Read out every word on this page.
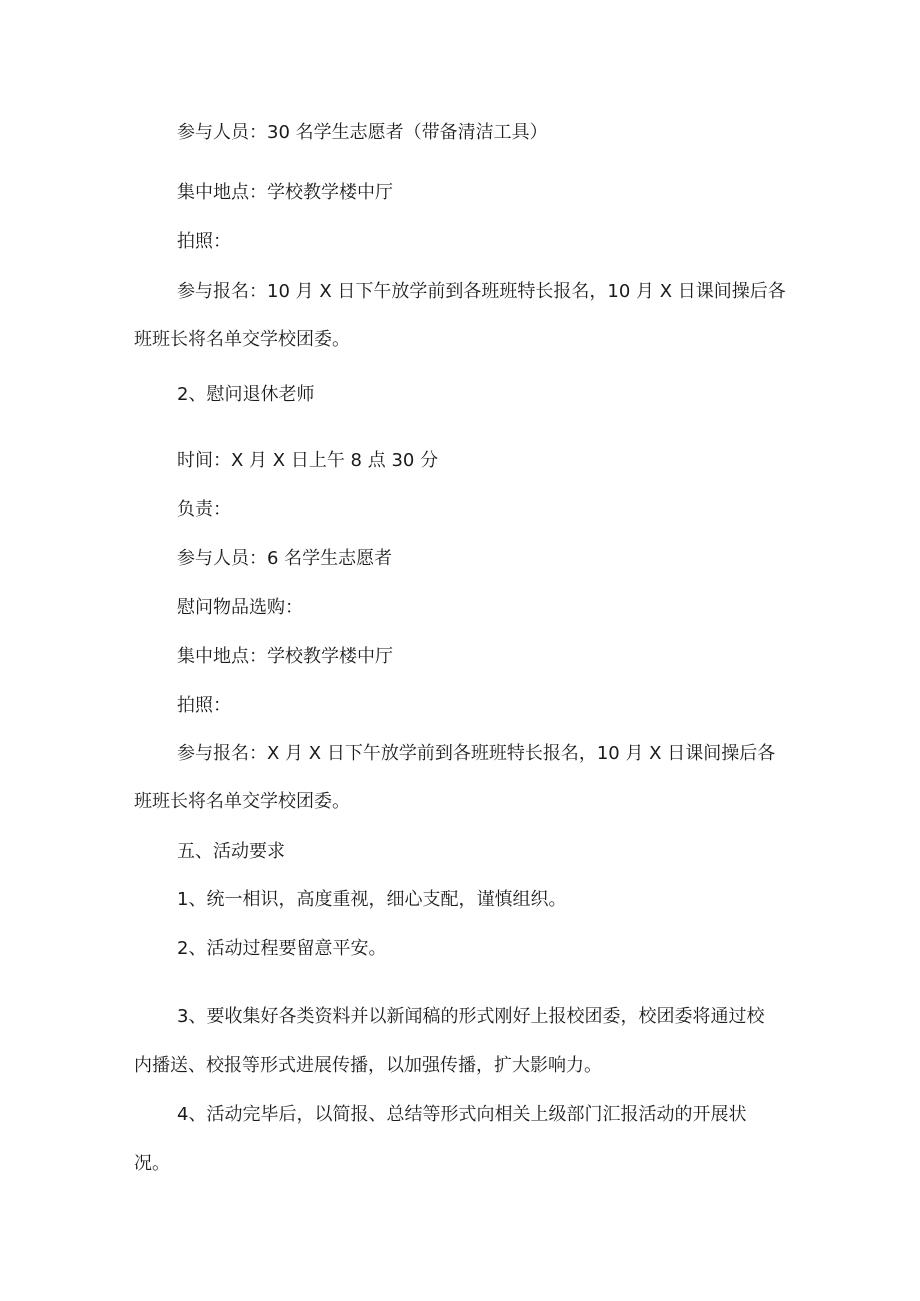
参与人员：30 名学生志愿者（带备清洁工具）

集中地点：学校教学楼中厅

拍照：

参与报名：10 月 X 日下午放学前到各班班特长报名，10 月 X 日课间操后各

班班长将名单交学校团委。

2、慰问退休老师

时间：X 月 X 日上午 8 点 30 分

负责：

参与人员：6 名学生志愿者

慰问物品选购：

集中地点：学校教学楼中厅

拍照：

参与报名：X 月 X 日下午放学前到各班班特长报名，10 月 X 日课间操后各

班班长将名单交学校团委。

五、活动要求

1、统一相识，高度重视，细心支配，谨慎组织。

2、活动过程要留意平安。

3、要收集好各类资料并以新闻稿的形式刚好上报校团委，校团委将通过校

内播送、校报等形式进展传播，以加强传播，扩大影响力。

4、活动完毕后，以简报、总结等形式向相关上级部门汇报活动的开展状

况。
